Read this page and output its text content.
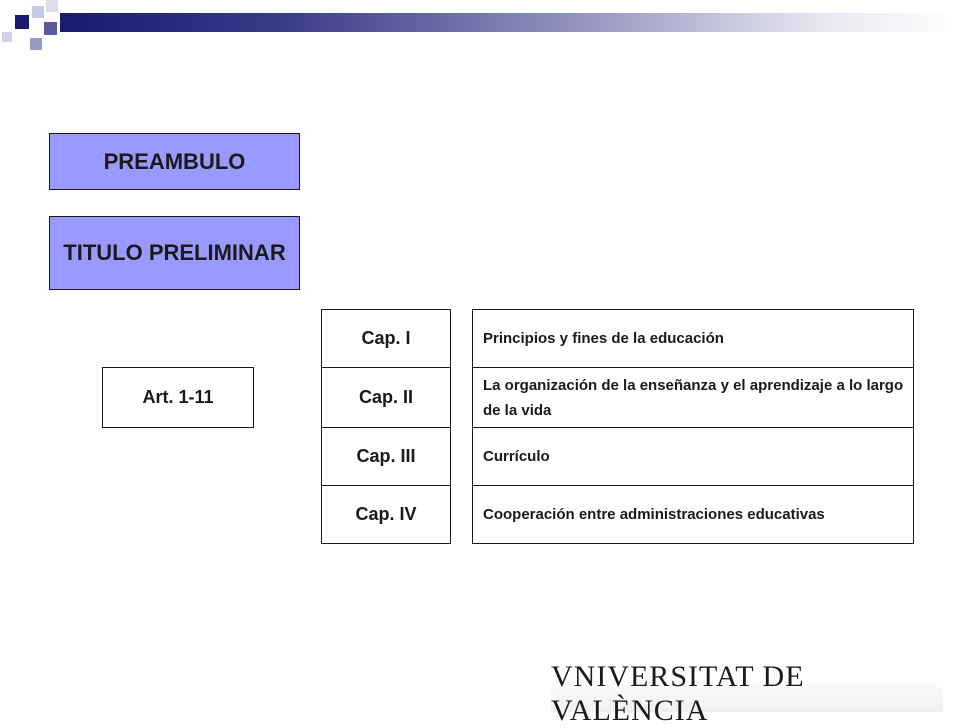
PREAMBULO
TITULO PRELIMINAR
Art. 1-11
Cap. I
Cap. II
Cap. III
Cap. IV
Principios y fines de la educación
La organización de la enseñanza y el aprendizaje a lo largo de la vida
Currículo
Cooperación entre administraciones educativas
VNIVERSITAT DE VALÈNCIA
